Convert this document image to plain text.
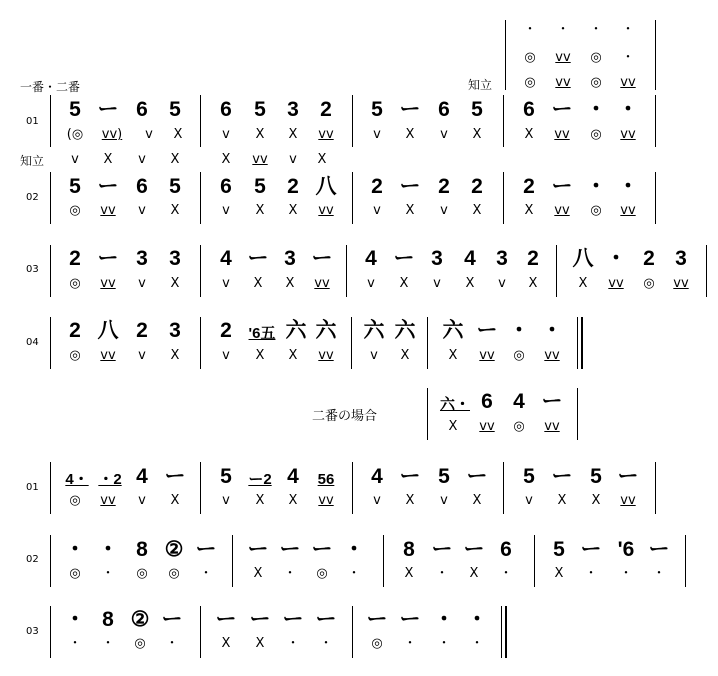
・ ・ ・ ・
◎ vv ◎ ・
◎ vv ◎ vv
一番・二番	知立
01
5 ー 6 5 6 5 3 2 5 ー 6 5 6 ー ・ ・
(◎ vv) v X	v X X vv	v X v X	X vv ◎ vv
知立 v X v X	X vv v X
02 5 ー 6 5 6 5 2 八 2 ー 2 2 2 ー ・ ・
◎ vv v X	v X X vv	v X v X	X vv ◎ vv
03 2 ー 3 3 4 ー 3 ー 4 ー 3 4 3 2 八 ・ 2 3
◎ vv v X	v X X vv	v X v X v X	X vv ◎ vv
04
2 八 2 3 2 '6五 六 六 六 六 六 ー ・ ・
◎ vv v X	v X X vv	v X	X vv ◎ vv
二番の場合
六・ 6 4 ー
X vv ◎ vv
01 4・ ・2 4 ー 5 ー2 4 56 4 ー 5 ー 5 ー 5 ー
◎ vv v X	v X X vv	v X v X	v X X vv
02 ・ ・ 8 ② ー ー ー ー ・ 8 ー ー 6 5 ー '6 ー
◎ ・ ◎ ◎ ・	X ・ ◎ ・	X ・ X ・	X ・ ・ ・
03
・ 8 ② ー ー ー ー ー ー ー ・ ・
・ ・ ◎ ・	X X ・ ・	◎ ・ ・ ・
